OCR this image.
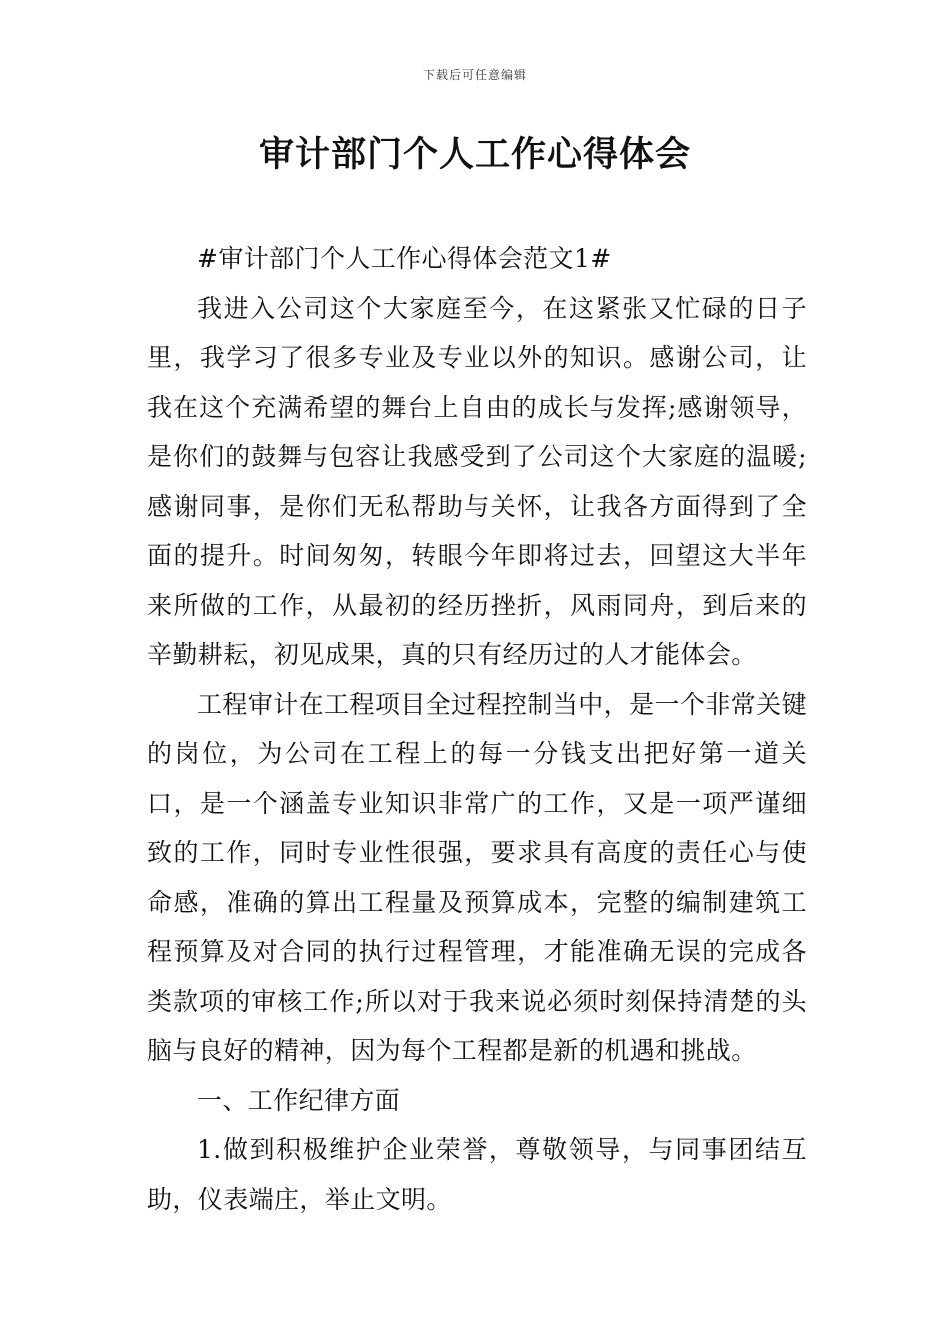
下载后可任意编辑
审计部门个人工作心得体会

#审计部门个人工作心得体会范文1#

我进入公司这个大家庭至今，在这紧张又忙碌的日子里，我学习了很多专业及专业以外的知识。感谢公司，让我在这个充满希望的舞台上自由的成长与发挥;感谢领导，是你们的鼓舞与包容让我感受到了公司这个大家庭的温暖;感谢同事，是你们无私帮助与关怀，让我各方面得到了全面的提升。时间匆匆，转眼今年即将过去，回望这大半年来所做的工作，从最初的经历挫折，风雨同舟，到后来的辛勤耕耘，初见成果，真的只有经历过的人才能体会。

工程审计在工程项目全过程控制当中，是一个非常关键的岗位，为公司在工程上的每一分钱支出把好第一道关口，是一个涵盖专业知识非常广的工作，又是一项严谨细致的工作，同时专业性很强，要求具有高度的责任心与使命感，准确的算出工程量及预算成本，完整的编制建筑工程预算及对合同的执行过程管理，才能准确无误的完成各类款项的审核工作;所以对于我来说必须时刻保持清楚的头脑与良好的精神，因为每个工程都是新的机遇和挑战。

一、工作纪律方面

1.做到积极维护企业荣誉，尊敬领导，与同事团结互助，仪表端庄，举止文明。
